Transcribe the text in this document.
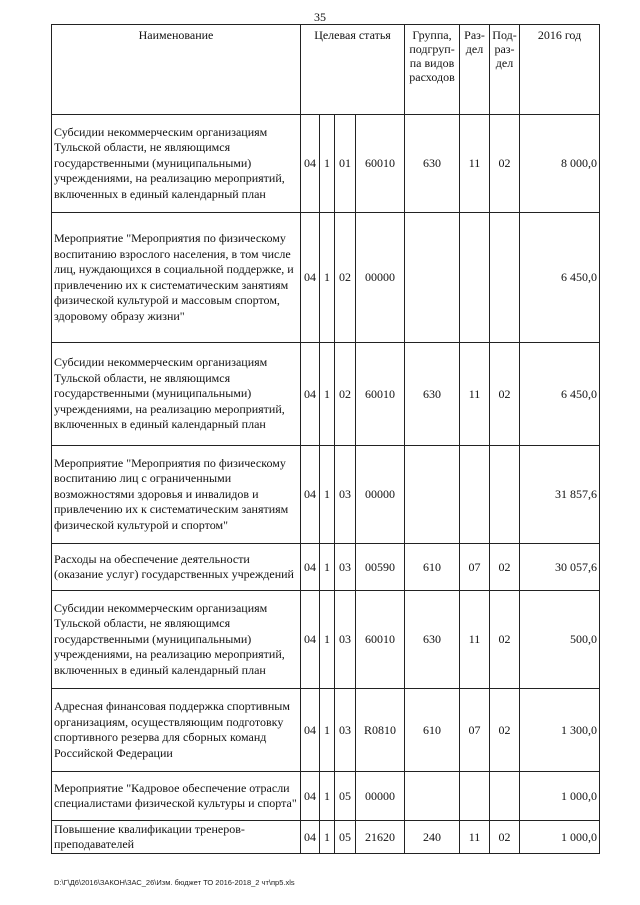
35
Наименование	Целевая статья				Группа, подгруп-па видов расходов	Раз-дел	Под-раз-дел	2016 год
Субсидии некоммерческим организациям Тульской области, не являющимся государственными (муниципальными) учреждениями, на реализацию мероприятий, включенных в единый календарный план	04	1	01	60010	630	11	02	8 000,0
Мероприятие "Мероприятия по физическому воспитанию взрослого населения, в том числе лиц, нуждающихся в социальной поддержке, и привлечению их к систематическим занятиям физической культурой и массовым спортом, здоровому образу жизни"	04	1	02	00000				6 450,0
Субсидии некоммерческим организациям Тульской области, не являющимся государственными (муниципальными) учреждениями, на реализацию мероприятий, включенных в единый календарный план	04	1	02	60010	630	11	02	6 450,0
Мероприятие "Мероприятия по физическому воспитанию лиц с ограниченными возможностями здоровья и инвалидов и привлечению их к систематическим занятиям физической культурой и спортом"	04	1	03	00000				31 857,6
Расходы на обеспечение деятельности (оказание услуг) государственных учреждений	04	1	03	00590	610	07	02	30 057,6
Субсидии некоммерческим организациям Тульской области, не являющимся государственными (муниципальными) учреждениями, на реализацию мероприятий, включенных в единый календарный план	04	1	03	60010	630	11	02	500,0
Адресная финансовая поддержка спортивным организациям, осуществляющим подготовку спортивного резерва для сборных команд Российской Федерации	04	1	03	R0810	610	07	02	1 300,0
Мероприятие "Кадровое обеспечение отрасли специалистами физической культуры и спорта"	04	1	05	00000				1 000,0
Повышение квалификации тренеров-преподавателей	04	1	05	21620	240	11	02	1 000,0
D:\Г\Д6\2016\ЗАКОН\ЗАС_26\Изм. бюджет ТО 2016-2018_2 чт\пр5.xls
